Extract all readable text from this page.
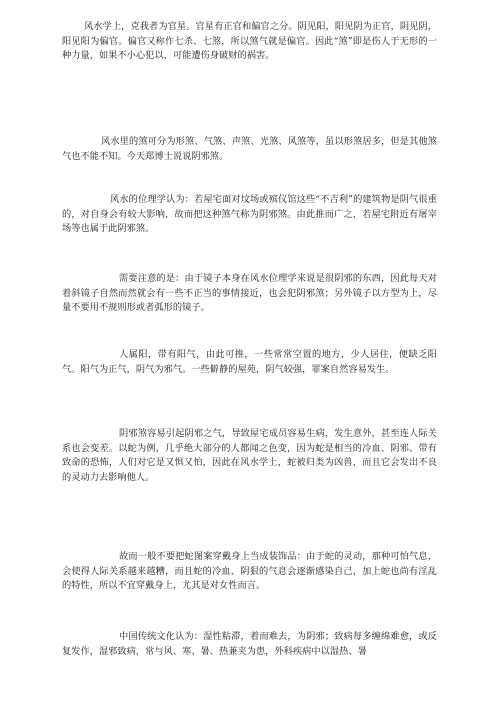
风水学上，克我者为官星。官星有正官和偏官之分。阴见阳，阳见阴为正官，阴见阴，阳见阳为偏官。偏官又称作七杀、七煞，所以煞气就是偏官。因此“煞”即是伤人于无形的一种力量，如果不小心犯以，可能遭伤身破财的祸害。

风水里的煞可分为形煞、气煞、声煞、光煞、风煞等，虽以形煞居多，但是其他煞气也不能不知。今天郑博士说说阴邪煞。

风水的位理学认为：若屋宅面对坟场或殡仪馆这些“不吉利”的建筑物是阴气很重的，对自身会有较大影响，故而把这种煞气称为阴邪煞。由此推而广之，若屋宅附近有屠宰场等也属于此阴邪煞。

需要注意的是：由于镜子本身在风水位理学来说是很阴邪的东西，因此每天对着斜镜子自然而然就会有一些不正当的事情接近，也会犯阴邪煞；另外镜子以方型为上，尽量不要用不规则形或者弧形的镜子。

人属阳，带有阳气，由此可推，一些常常空置的地方，少人居住，便缺乏阳气。阳气为正气，阴气为邪气。一些僻静的屋苑，阴气较强，罪案自然容易发生。

阴邪煞容易引起阴邪之气，导致屋宅成员容易生病，发生意外，甚至连人际关系也会变差。以蛇为例，几乎绝大部分的人都闻之色变，因为蛇是相当的冷血、阴邪、带有致命的恐怖，人们对它是又惧又怕，因此在风水学上，蛇被归类为凶兽，而且它会发出不良的灵动力去影响他人。

故而一般不要把蛇图案穿戴身上当成装饰品：由于蛇的灵动，那种可怕气息，会使得人际关系越来越糟，而且蛇的冷血、阴狠的气息会逐渐感染自己，加上蛇也尚有淫乱的特性，所以不宜穿戴身上，尤其是对女性而言。

中国传统文化认为：湿性粘滞，着而难去，为阴邪；致病每多缠绵难愈，或反复发作，湿邪致病，常与风、寒、暑、热兼夹为患，外科疾病中以湿热、暑
